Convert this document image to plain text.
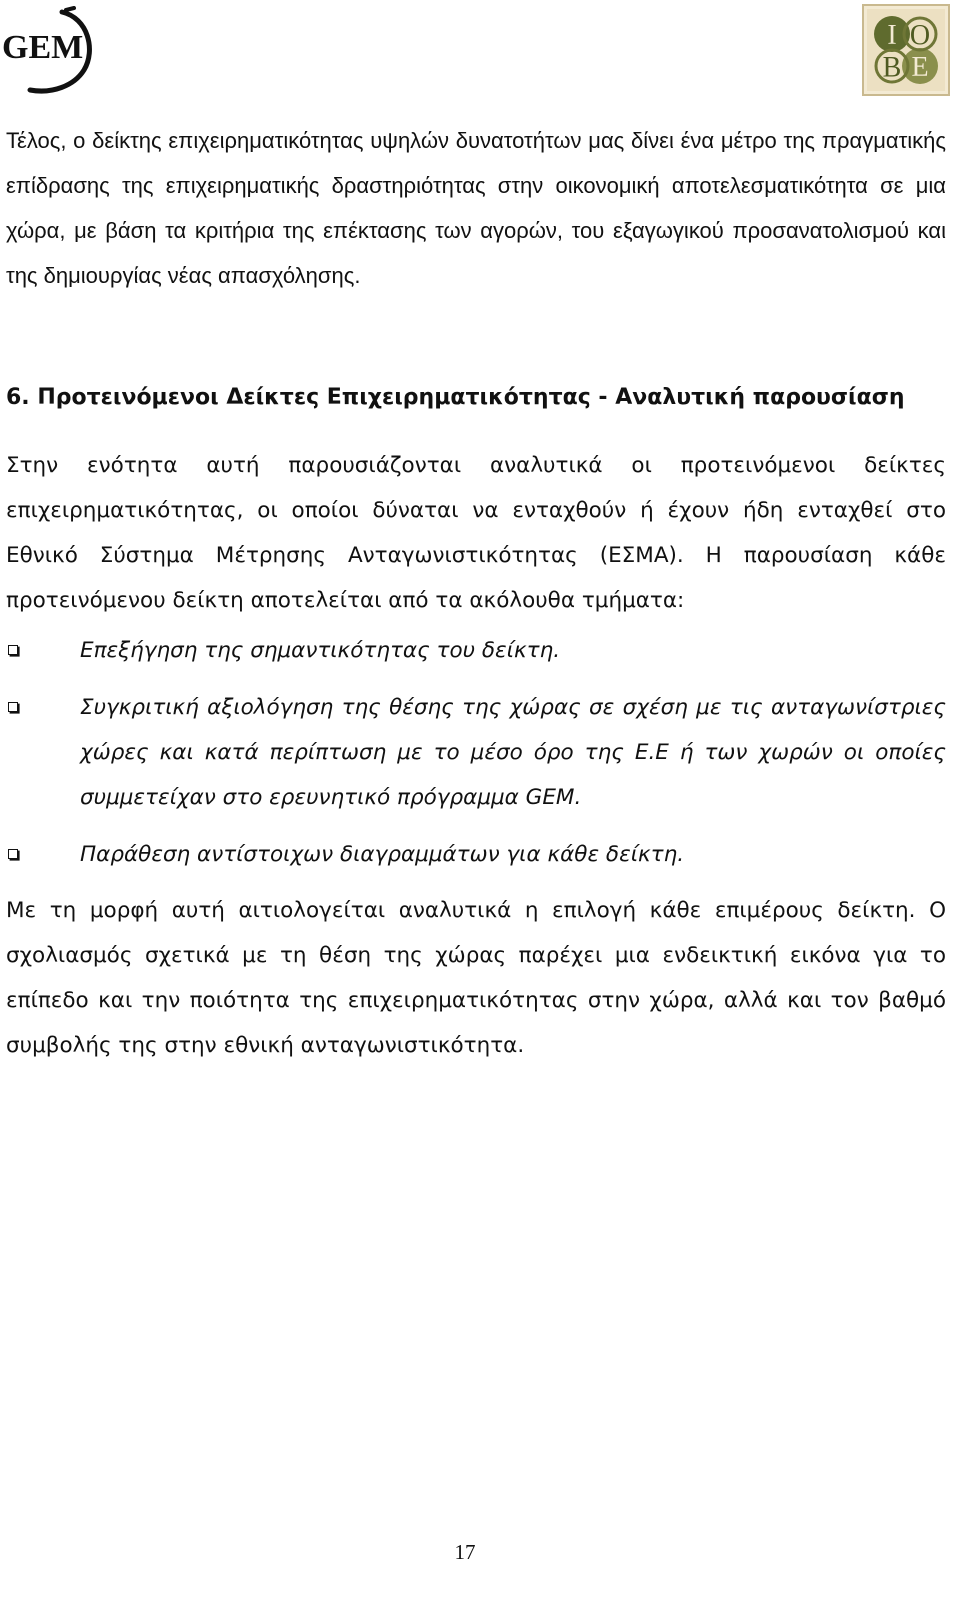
GEM	Ι Ο
Β Ε

Τέλος, ο δείκτης επιχειρηματικότητας υψηλών δυνατοτήτων μας δίνει ένα μέτρο της πραγματικής επίδρασης της επιχειρηματικής δραστηριότητας στην οικονομική αποτελεσματικότητα σε μια χώρα, με βάση τα κριτήρια της επέκτασης των αγορών, του εξαγωγικού προσανατολισμού και της δημιουργίας νέας απασχόλησης.

6. Προτεινόμενοι Δείκτες Επιχειρηματικότητας - Αναλυτική παρουσίαση

Στην ενότητα αυτή παρουσιάζονται αναλυτικά οι προτεινόμενοι δείκτες επιχειρηματικότητας, οι οποίοι δύναται να ενταχθούν ή έχουν ήδη ενταχθεί στο Εθνικό Σύστημα Μέτρησης Ανταγωνιστικότητας (ΕΣΜΑ). Η παρουσίαση κάθε προτεινόμενου δείκτη αποτελείται από τα ακόλουθα τμήματα:

Επεξήγηση της σημαντικότητας του δείκτη.
Συγκριτική αξιολόγηση της θέσης της χώρας σε σχέση με τις ανταγωνίστριες χώρες και κατά περίπτωση με το μέσο όρο της Ε.Ε ή των χωρών οι οποίες συμμετείχαν στο ερευνητικό πρόγραμμα GEM.
Παράθεση αντίστοιχων διαγραμμάτων για κάθε δείκτη.

Με τη μορφή αυτή αιτιολογείται αναλυτικά η επιλογή κάθε επιμέρους δείκτη. Ο σχολιασμός σχετικά με τη θέση της χώρας παρέχει μια ενδεικτική εικόνα για το επίπεδο και την ποιότητα της επιχειρηματικότητας στην χώρα, αλλά και τον βαθμό συμβολής της στην εθνική ανταγωνιστικότητα.

17
